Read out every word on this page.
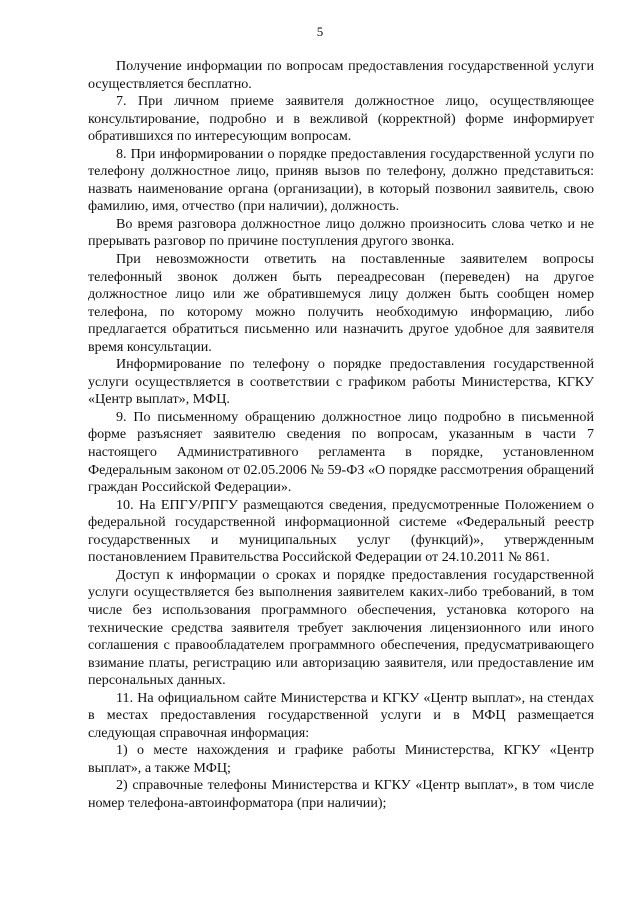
5

Получение информации по вопросам предоставления государственной услуги осуществляется бесплатно.

7. При личном приеме заявителя должностное лицо, осуществляющее консультирование, подробно и в вежливой (корректной) форме информирует обратившихся по интересующим вопросам.

8. При информировании о порядке предоставления государственной услуги по телефону должностное лицо, приняв вызов по телефону, должно представиться: назвать наименование органа (организации), в который позвонил заявитель, свою фамилию, имя, отчество (при наличии), должность.

Во время разговора должностное лицо должно произносить слова четко и не прерывать разговор по причине поступления другого звонка.

При невозможности ответить на поставленные заявителем вопросы телефонный звонок должен быть переадресован (переведен) на другое должностное лицо или же обратившемуся лицу должен быть сообщен номер телефона, по которому можно получить необходимую информацию, либо предлагается обратиться письменно или назначить другое удобное для заявителя время консультации.

Информирование по телефону о порядке предоставления государственной услуги осуществляется в соответствии с графиком работы Министерства, КГКУ «Центр выплат», МФЦ.

9. По письменному обращению должностное лицо подробно в письменной форме разъясняет заявителю сведения по вопросам, указанным в части 7 настоящего Административного регламента в порядке, установленном Федеральным законом от 02.05.2006 № 59-ФЗ «О порядке рассмотрения обращений граждан Российской Федерации».

10. На ЕПГУ/РПГУ размещаются сведения, предусмотренные Положением о федеральной государственной информационной системе «Федеральный реестр государственных и муниципальных услуг (функций)», утвержденным постановлением Правительства Российской Федерации от 24.10.2011 № 861.

Доступ к информации о сроках и порядке предоставления государственной услуги осуществляется без выполнения заявителем каких-либо требований, в том числе без использования программного обеспечения, установка которого на технические средства заявителя требует заключения лицензионного или иного соглашения с правообладателем программного обеспечения, предусматривающего взимание платы, регистрацию или авторизацию заявителя, или предоставление им персональных данных.

11. На официальном сайте Министерства и КГКУ «Центр выплат», на стендах в местах предоставления государственной услуги и в МФЦ размещается следующая справочная информация:

1) о месте нахождения и графике работы Министерства, КГКУ «Центр выплат», а также МФЦ;

2) справочные телефоны Министерства и КГКУ «Центр выплат», в том числе номер телефона-автоинформатора (при наличии);
